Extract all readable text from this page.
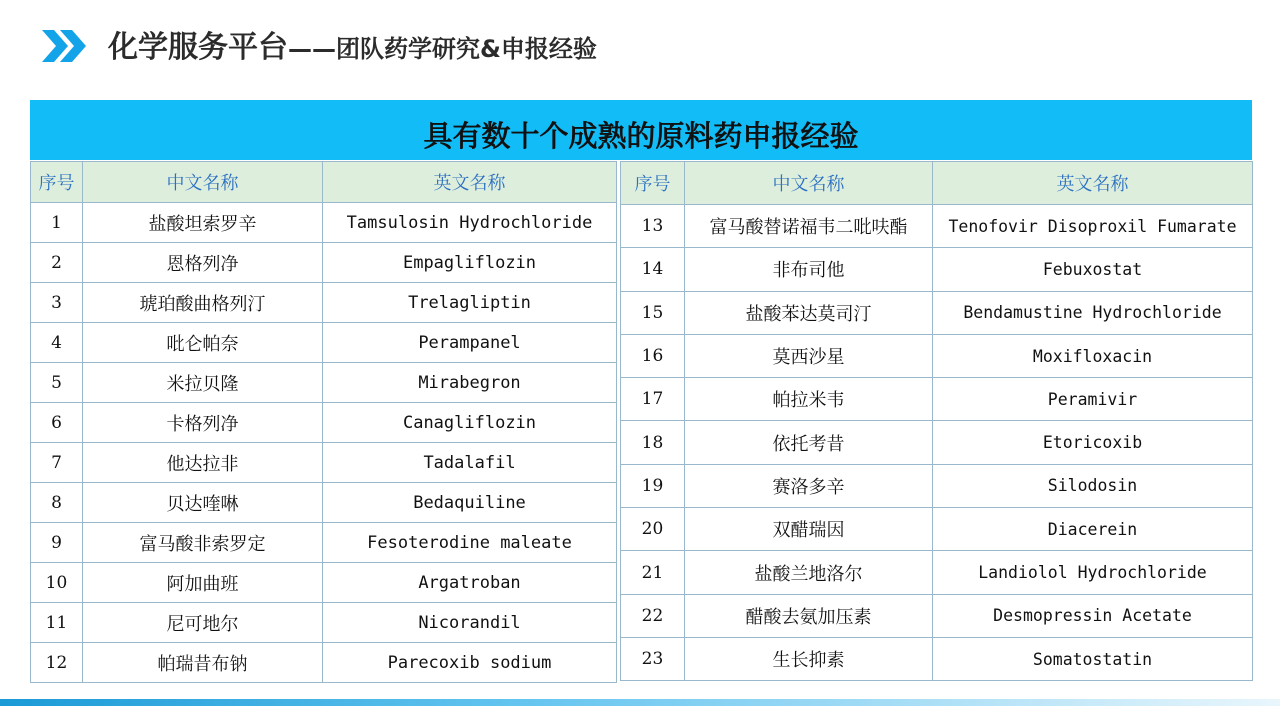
化学服务平台——团队药学研究&申报经验
具有数十个成熟的原料药申报经验
序号	中文名称	英文名称
1	盐酸坦索罗辛	Tamsulosin Hydrochloride
2	恩格列净	Empagliflozin
3	琥珀酸曲格列汀	Trelagliptin
4	吡仑帕奈	Perampanel
5	米拉贝隆	Mirabegron
6	卡格列净	Canagliflozin
7	他达拉非	Tadalafil
8	贝达喹啉	Bedaquiline
9	富马酸非索罗定	Fesoterodine maleate
10	阿加曲班	Argatroban
11	尼可地尔	Nicorandil
12	帕瑞昔布钠	Parecoxib sodium
序号	中文名称	英文名称
13	富马酸替诺福韦二吡呋酯	Tenofovir Disoproxil Fumarate
14	非布司他	Febuxostat
15	盐酸苯达莫司汀	Bendamustine Hydrochloride
16	莫西沙星	Moxifloxacin
17	帕拉米韦	Peramivir
18	依托考昔	Etoricoxib
19	赛洛多辛	Silodosin
20	双醋瑞因	Diacerein
21	盐酸兰地洛尔	Landiolol Hydrochloride
22	醋酸去氨加压素	Desmopressin Acetate
23	生长抑素	Somatostatin
